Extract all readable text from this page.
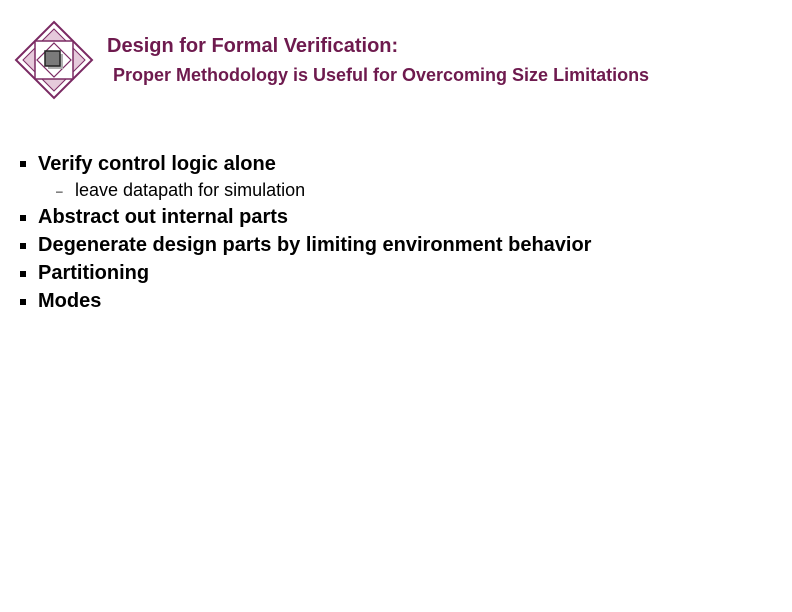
Design for Formal Verification:
Proper Methodology is Useful for Overcoming Size Limitations
Verify control logic alone
– leave datapath for simulation
Abstract out internal parts
Degenerate design parts by limiting environment behavior
Partitioning
Modes
